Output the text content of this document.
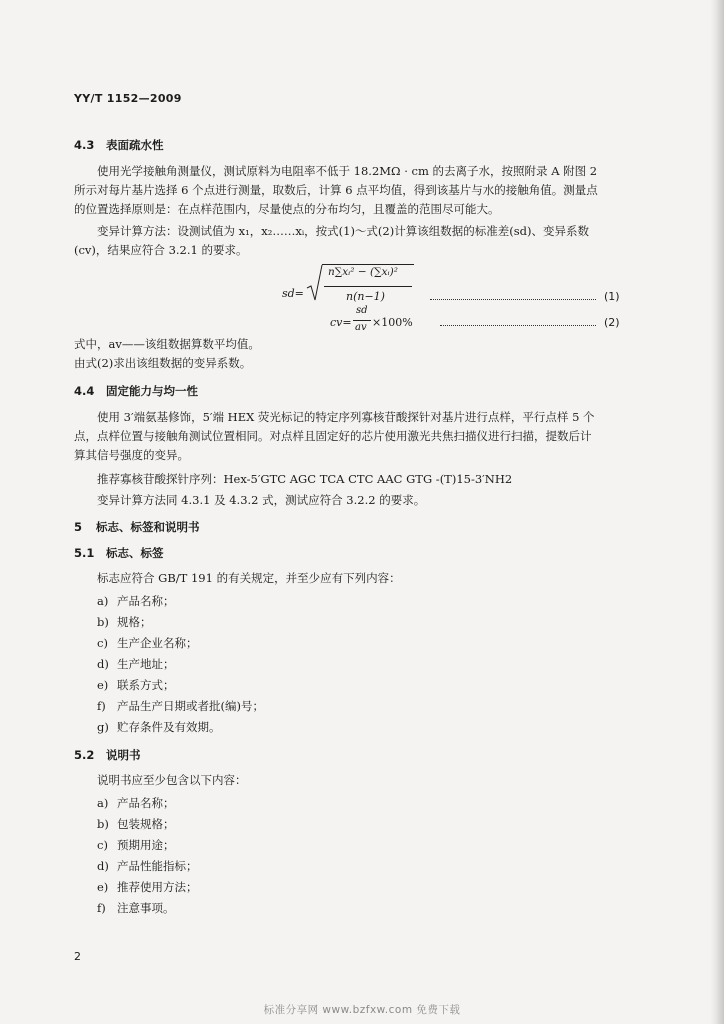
YY/T 1152—2009
4.3 表面疏水性
使用光学接触角测量仪，测试原料为电阻率不低于 18.2MΩ · cm 的去离子水，按照附录 A 附图 2
所示对每片基片选择 6 个点进行测量，取数后，计算 6 点平均值，得到该基片与水的接触角值。测量点
的位置选择原则是：在点样范围内，尽量使点的分布均匀，且覆盖的范围尽可能大。
变异计算方法：设测试值为 x₁，x₂……xᵢ，按式(1)～式(2)计算该组数据的标准差(sd)、变异系数
(cv)，结果应符合 3.2.1 的要求。
sd=
n∑xᵢ² − (∑xᵢ)²
n(n−1)	(1)
cv=
sd
av ×100%	(2)
式中，av——该组数据算数平均值。
由式(2)求出该组数据的变异系数。
4.4 固定能力与均一性
使用 3′端氨基修饰，5′端 HEX 荧光标记的特定序列寡核苷酸探针对基片进行点样，平行点样 5 个
点，点样位置与接触角测试位置相同。对点样且固定好的芯片使用激光共焦扫描仪进行扫描，提数后计
算其信号强度的变异。
推荐寡核苷酸探针序列：Hex-5′GTC AGC TCA CTC AAC GTG -(T)15-3′NH2
变异计算方法同 4.3.1 及 4.3.2 式，测试应符合 3.2.2 的要求。
5 标志、标签和说明书
5.1 标志、标签
标志应符合 GB/T 191 的有关规定，并至少应有下列内容：
a) 产品名称；
b) 规格；
c) 生产企业名称；
d) 生产地址；
e) 联系方式；
f) 产品生产日期或者批(编)号；
g) 贮存条件及有效期。
5.2 说明书
说明书应至少包含以下内容：
a) 产品名称；
b) 包装规格；
c) 预期用途；
d) 产品性能指标；
e) 推荐使用方法；
f) 注意事项。
2
标准分享网 www.bzfxw.com 免费下载
